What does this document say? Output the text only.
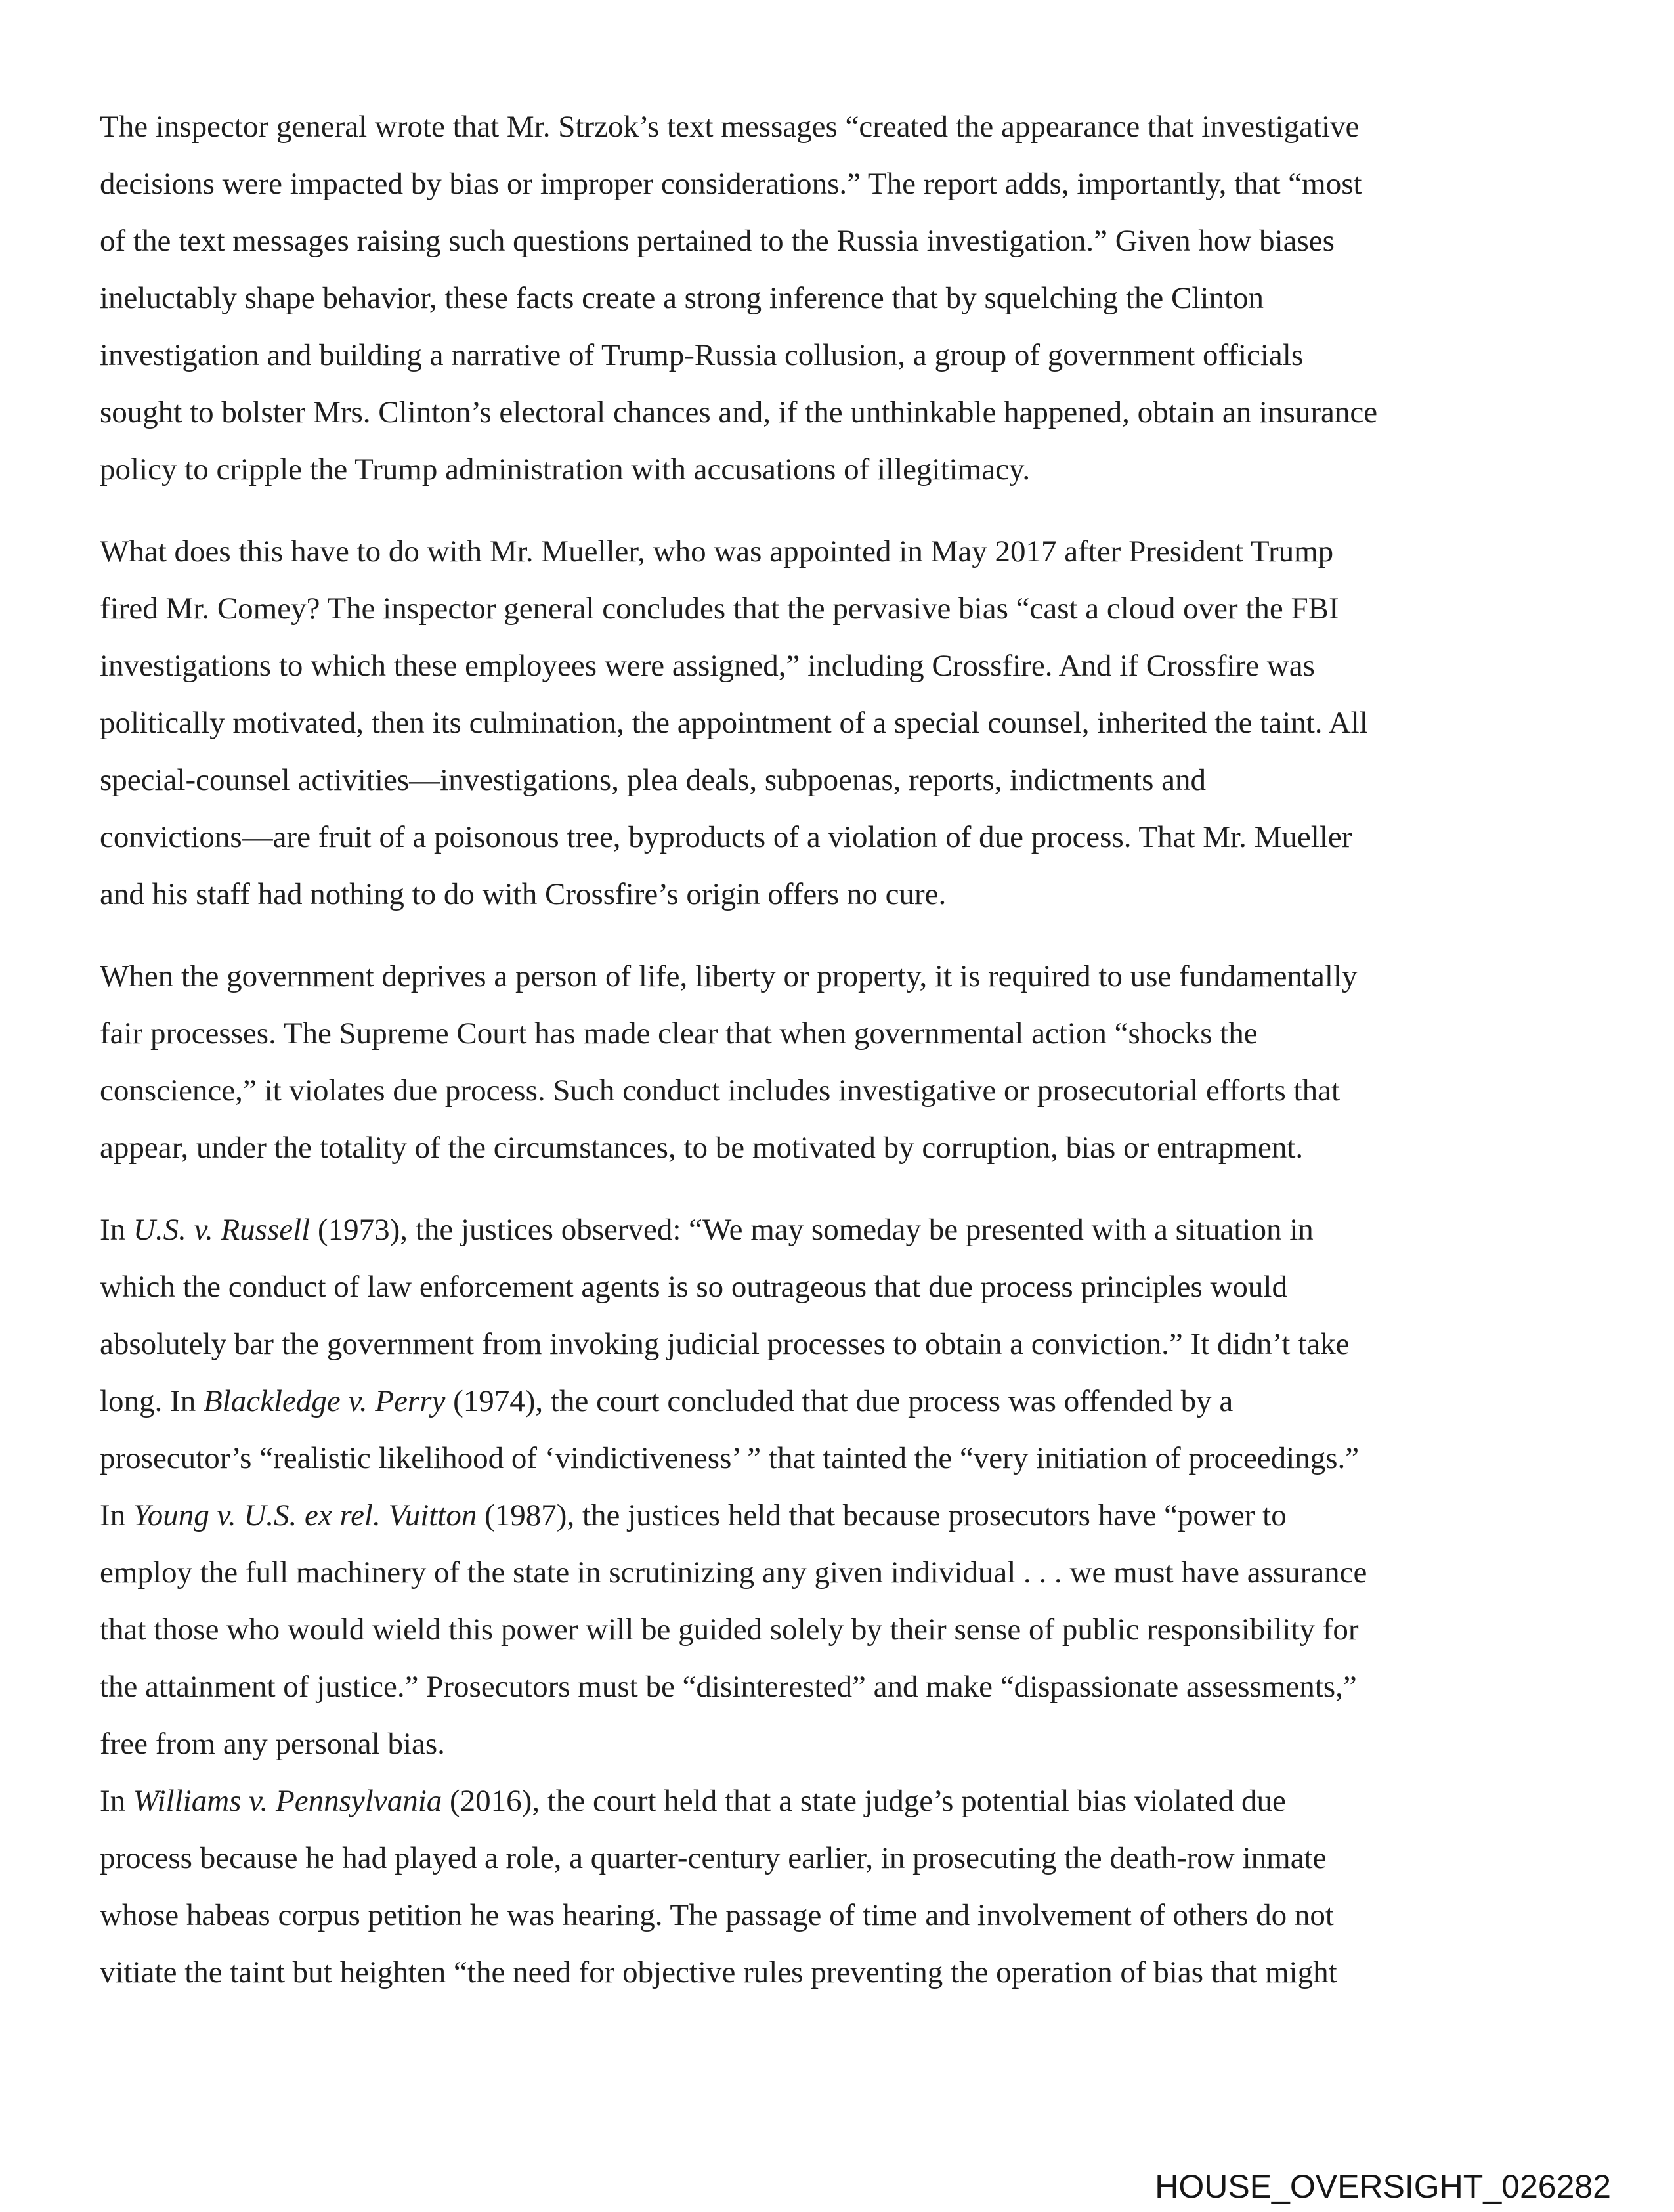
The inspector general wrote that Mr. Strzok’s text messages “created the appearance that investigative
decisions were impacted by bias or improper considerations.” The report adds, importantly, that “most
of the text messages raising such questions pertained to the Russia investigation.” Given how biases
ineluctably shape behavior, these facts create a strong inference that by squelching the Clinton
investigation and building a narrative of Trump-Russia collusion, a group of government officials
sought to bolster Mrs. Clinton’s electoral chances and, if the unthinkable happened, obtain an insurance
policy to cripple the Trump administration with accusations of illegitimacy.
What does this have to do with Mr. Mueller, who was appointed in May 2017 after President Trump
fired Mr. Comey? The inspector general concludes that the pervasive bias “cast a cloud over the FBI
investigations to which these employees were assigned,” including Crossfire. And if Crossfire was
politically motivated, then its culmination, the appointment of a special counsel, inherited the taint. All
special-counsel activities—investigations, plea deals, subpoenas, reports, indictments and
convictions—are fruit of a poisonous tree, byproducts of a violation of due process. That Mr. Mueller
and his staff had nothing to do with Crossfire’s origin offers no cure.
When the government deprives a person of life, liberty or property, it is required to use fundamentally
fair processes. The Supreme Court has made clear that when governmental action “shocks the
conscience,” it violates due process. Such conduct includes investigative or prosecutorial efforts that
appear, under the totality of the circumstances, to be motivated by corruption, bias or entrapment.
In U.S. v. Russell (1973), the justices observed: “We may someday be presented with a situation in
which the conduct of law enforcement agents is so outrageous that due process principles would
absolutely bar the government from invoking judicial processes to obtain a conviction.” It didn’t take
long. In Blackledge v. Perry (1974), the court concluded that due process was offended by a
prosecutor’s “realistic likelihood of ‘vindictiveness’ ” that tainted the “very initiation of proceedings.”
In Young v. U.S. ex rel. Vuitton (1987), the justices held that because prosecutors have “power to
employ the full machinery of the state in scrutinizing any given individual . . . we must have assurance
that those who would wield this power will be guided solely by their sense of public responsibility for
the attainment of justice.” Prosecutors must be “disinterested” and make “dispassionate assessments,”
free from any personal bias.
In Williams v. Pennsylvania (2016), the court held that a state judge’s potential bias violated due
process because he had played a role, a quarter-century earlier, in prosecuting the death-row inmate
whose habeas corpus petition he was hearing. The passage of time and involvement of others do not
vitiate the taint but heighten “the need for objective rules preventing the operation of bias that might
HOUSE_OVERSIGHT_026282
